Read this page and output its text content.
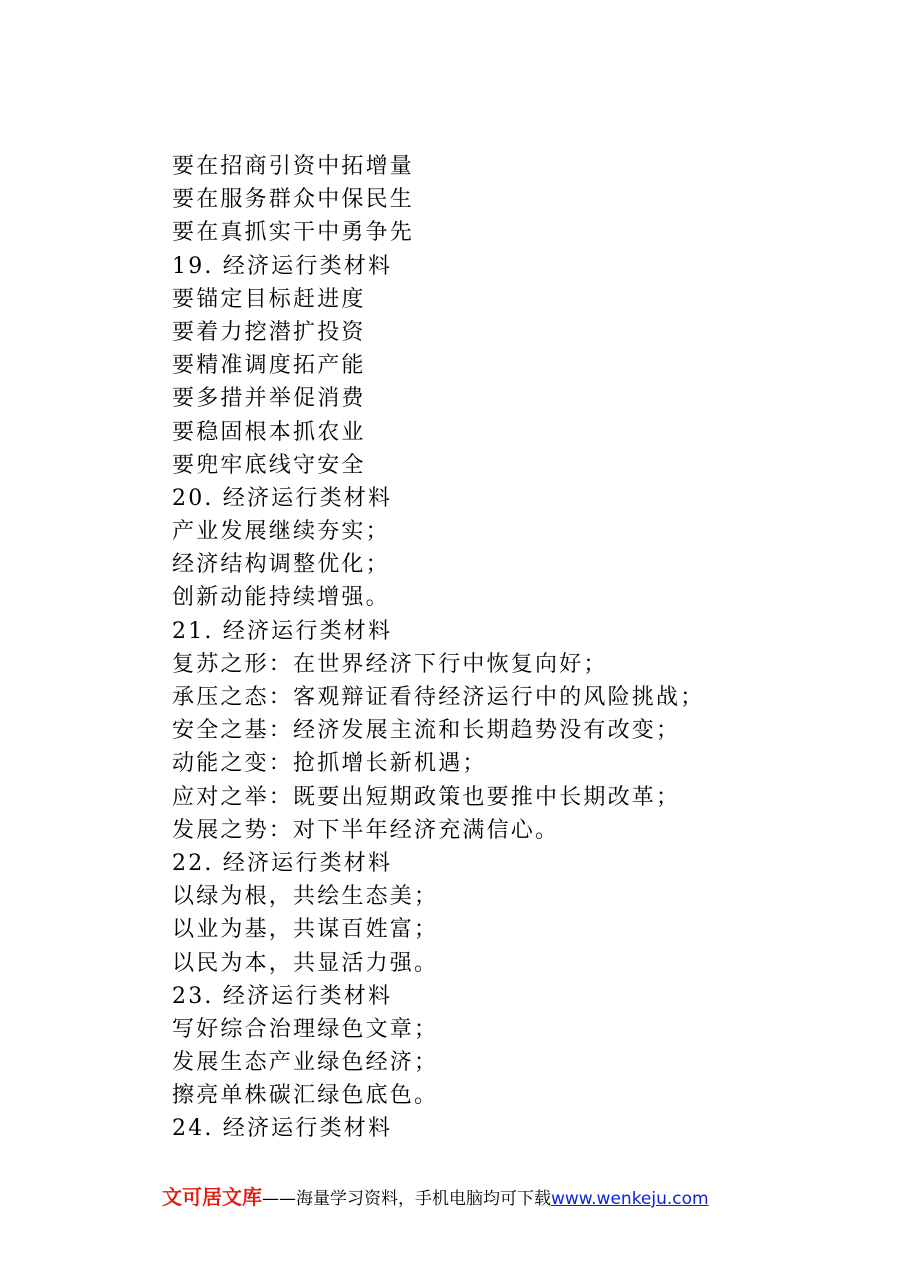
要在招商引资中拓增量
要在服务群众中保民生
要在真抓实干中勇争先
19. 经济运行类材料
要锚定目标赶进度
要着力挖潜扩投资
要精准调度拓产能
要多措并举促消费
要稳固根本抓农业
要兜牢底线守安全
20. 经济运行类材料
产业发展继续夯实；
经济结构调整优化；
创新动能持续增强。
21. 经济运行类材料
复苏之形：在世界经济下行中恢复向好；
承压之态：客观辩证看待经济运行中的风险挑战；
安全之基：经济发展主流和长期趋势没有改变；
动能之变：抢抓增长新机遇；
应对之举：既要出短期政策也要推中长期改革；
发展之势：对下半年经济充满信心。
22. 经济运行类材料
以绿为根，共绘生态美；
以业为基，共谋百姓富；
以民为本，共显活力强。
23. 经济运行类材料
写好综合治理绿色文章；
发展生态产业绿色经济；
擦亮单株碳汇绿色底色。
24. 经济运行类材料
文可居文库——海量学习资料，手机电脑均可下载www.wenkeju.com
